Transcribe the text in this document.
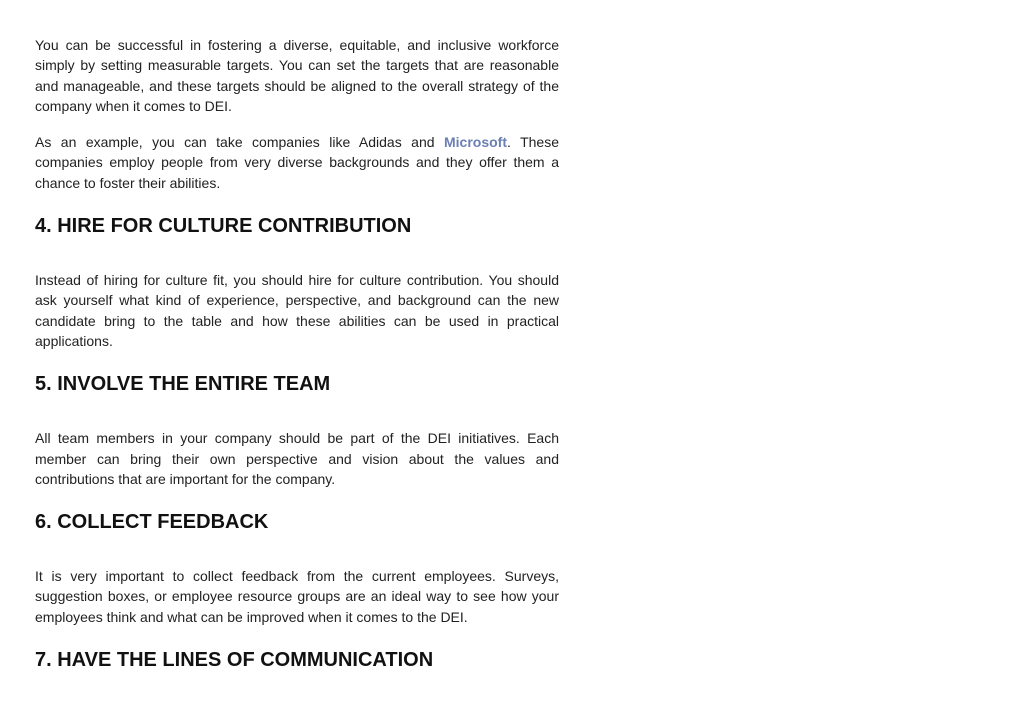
You can be successful in fostering a diverse, equitable, and inclusive workforce simply by setting measurable targets. You can set the targets that are reasonable and manageable, and these targets should be aligned to the overall strategy of the company when it comes to DEI.

As an example, you can take companies like Adidas and Microsoft. These companies employ people from very diverse backgrounds and they offer them a chance to foster their abilities.

4. HIRE FOR CULTURE CONTRIBUTION

Instead of hiring for culture fit, you should hire for culture contribution. You should ask yourself what kind of experience, perspective, and background can the new candidate bring to the table and how these abilities can be used in practical applications.

5. INVOLVE THE ENTIRE TEAM

All team members in your company should be part of the DEI initiatives. Each member can bring their own perspective and vision about the values and contributions that are important for the company.

6. COLLECT FEEDBACK

It is very important to collect feedback from the current employees. Surveys, suggestion boxes, or employee resource groups are an ideal way to see how your employees think and what can be improved when it comes to the DEI.

7. HAVE THE LINES OF COMMUNICATION
